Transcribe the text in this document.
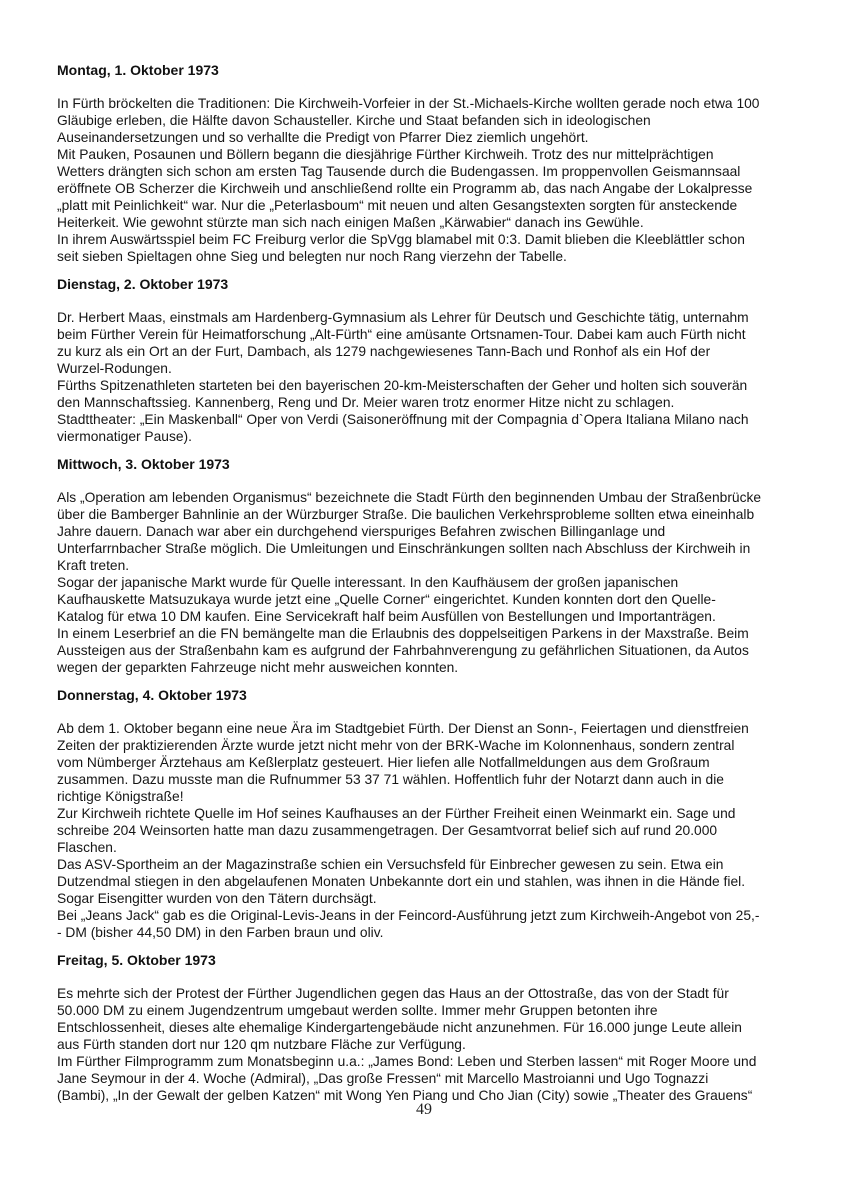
Montag, 1. Oktober 1973
In Fürth bröckelten die Traditionen: Die Kirchweih-Vorfeier in der St.-Michaels-Kirche wollten gerade noch etwa 100
Gläubige erleben, die Hälfte davon Schausteller. Kirche und Staat befanden sich in ideologischen
Auseinandersetzungen und so verhallte die Predigt von Pfarrer Diez ziemlich ungehört.
Mit Pauken, Posaunen und Böllern begann die diesjährige Fürther Kirchweih. Trotz des nur mittelprächtigen
Wetters drängten sich schon am ersten Tag Tausende durch die Budengassen. Im proppenvollen Geismannsaal
eröffnete OB Scherzer die Kirchweih und anschließend rollte ein Programm ab, das nach Angabe der Lokalpresse
„platt mit Peinlichkeit“ war. Nur die „Peterlasboum“ mit neuen und alten Gesangstexten sorgten für ansteckende
Heiterkeit. Wie gewohnt stürzte man sich nach einigen Maßen „Kärwabier“ danach ins Gewühle.
In ihrem Auswärtsspiel beim FC Freiburg verlor die SpVgg blamabel mit 0:3. Damit blieben die Kleeblättler schon
seit sieben Spieltagen ohne Sieg und belegten nur noch Rang vierzehn der Tabelle.
Dienstag, 2. Oktober 1973
Dr. Herbert Maas, einstmals am Hardenberg-Gymnasium als Lehrer für Deutsch und Geschichte tätig, unternahm
beim Fürther Verein für Heimatforschung „Alt-Fürth“ eine amüsante Ortsnamen-Tour. Dabei kam auch Fürth nicht
zu kurz als ein Ort an der Furt, Dambach, als 1279 nachgewiesenes Tann-Bach und Ronhof als ein Hof der
Wurzel-Rodungen.
Fürths Spitzenathleten starteten bei den bayerischen 20-km-Meisterschaften der Geher und holten sich souverän
den Mannschaftssieg. Kannenberg, Reng und Dr. Meier waren trotz enormer Hitze nicht zu schlagen.
Stadttheater: „Ein Maskenball“ Oper von Verdi (Saisoneröffnung mit der Compagnia d`Opera Italiana Milano nach
viermonatiger Pause).
Mittwoch, 3. Oktober 1973
Als „Operation am lebenden Organismus“ bezeichnete die Stadt Fürth den beginnenden Umbau der Straßenbrücke
über die Bamberger Bahnlinie an der Würzburger Straße. Die baulichen Verkehrsprobleme sollten etwa eineinhalb
Jahre dauern. Danach war aber ein durchgehend vierspuriges Befahren zwischen Billinganlage und
Unterfarrnbacher Straße möglich. Die Umleitungen und Einschränkungen sollten nach Abschluss der Kirchweih in
Kraft treten.
Sogar der japanische Markt wurde für Quelle interessant. In den Kaufhäusem der großen japanischen
Kaufhauskette Matsuzukaya wurde jetzt eine „Quelle Corner“ eingerichtet. Kunden konnten dort den Quelle-
Katalog für etwa 10 DM kaufen. Eine Servicekraft half beim Ausfüllen von Bestellungen und Importanträgen.
In einem Leserbrief an die FN bemängelte man die Erlaubnis des doppelseitigen Parkens in der Maxstraße. Beim
Aussteigen aus der Straßenbahn kam es aufgrund der Fahrbahnverengung zu gefährlichen Situationen, da Autos
wegen der geparkten Fahrzeuge nicht mehr ausweichen konnten.
Donnerstag, 4. Oktober 1973
Ab dem 1. Oktober begann eine neue Ära im Stadtgebiet Fürth. Der Dienst an Sonn-, Feiertagen und dienstfreien
Zeiten der praktizierenden Ärzte wurde jetzt nicht mehr von der BRK-Wache im Kolonnenhaus, sondern zentral
vom Nümberger Ärztehaus am Keßlerplatz gesteuert. Hier liefen alle Notfallmeldungen aus dem Großraum
zusammen. Dazu musste man die Rufnummer 53 37 71 wählen. Hoffentlich fuhr der Notarzt dann auch in die
richtige Königstraße!
Zur Kirchweih richtete Quelle im Hof seines Kaufhauses an der Fürther Freiheit einen Weinmarkt ein. Sage und
schreibe 204 Weinsorten hatte man dazu zusammengetragen. Der Gesamtvorrat belief sich auf rund 20.000
Flaschen.
Das ASV-Sportheim an der Magazinstraße schien ein Versuchsfeld für Einbrecher gewesen zu sein. Etwa ein
Dutzendmal stiegen in den abgelaufenen Monaten Unbekannte dort ein und stahlen, was ihnen in die Hände fiel.
Sogar Eisengitter wurden von den Tätern durchsägt.
Bei „Jeans Jack“ gab es die Original-Levis-Jeans in der Feincord-Ausführung jetzt zum Kirchweih-Angebot von 25,-
- DM (bisher 44,50 DM) in den Farben braun und oliv.
Freitag, 5. Oktober 1973
Es mehrte sich der Protest der Fürther Jugendlichen gegen das Haus an der Ottostraße, das von der Stadt für
50.000 DM zu einem Jugendzentrum umgebaut werden sollte. Immer mehr Gruppen betonten ihre
Entschlossenheit, dieses alte ehemalige Kindergartengebäude nicht anzunehmen. Für 16.000 junge Leute allein
aus Fürth standen dort nur 120 qm nutzbare Fläche zur Verfügung.
Im Fürther Filmprogramm zum Monatsbeginn u.a.: „James Bond: Leben und Sterben lassen“ mit Roger Moore und
Jane Seymour in der 4. Woche (Admiral), „Das große Fressen“ mit Marcello Mastroianni und Ugo Tognazzi
(Bambi), „In der Gewalt der gelben Katzen“ mit Wong Yen Piang und Cho Jian (City) sowie „Theater des Grauens“
49
